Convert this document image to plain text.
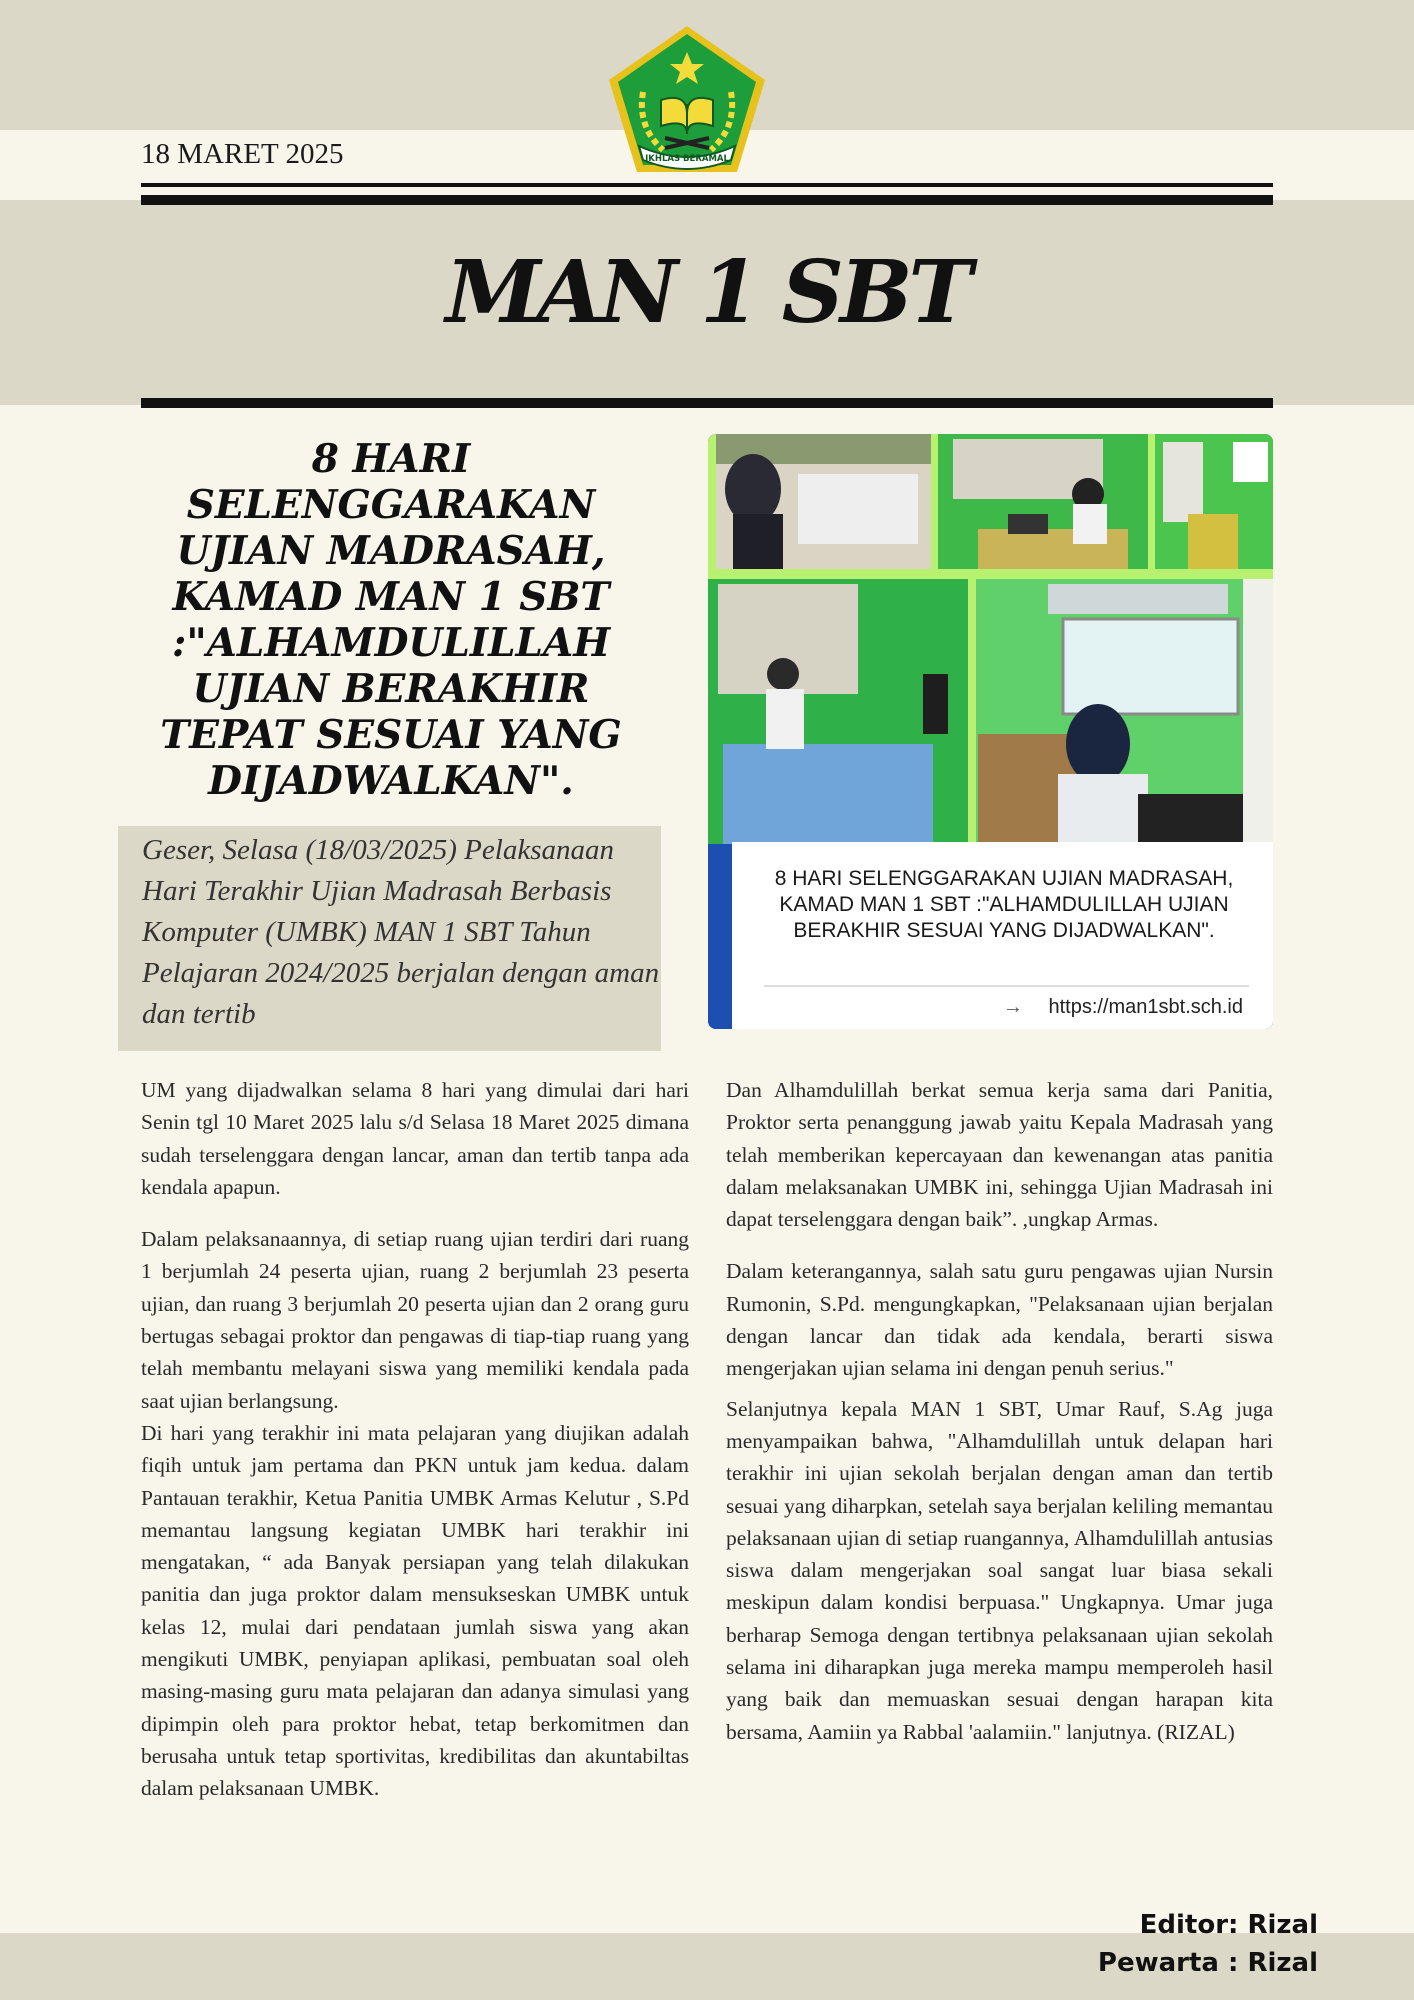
IKHLAS BERAMAL
18 MARET 2025
MAN 1 SBT
8 HARI SELENGGARAKAN UJIAN MADRASAH, KAMAD MAN 1 SBT :"ALHAMDULILLAH UJIAN BERAKHIR TEPAT SESUAI YANG DIJADWALKAN".
Geser, Selasa (18/03/2025) Pelaksanaan Hari Terakhir Ujian Madrasah Berbasis Komputer (UMBK) MAN 1 SBT Tahun Pelajaran 2024/2025 berjalan dengan aman dan tertib
8 HARI SELENGGARAKAN UJIAN MADRASAH, KAMAD MAN 1 SBT :"ALHAMDULILLAH UJIAN BERAKHIR SESUAI YANG DIJADWALKAN".
→ https://man1sbt.sch.id

UM yang dijadwalkan selama 8 hari yang dimulai dari hari Senin tgl 10 Maret 2025 lalu s/d Selasa 18 Maret 2025 dimana sudah terselenggara dengan lancar, aman dan tertib tanpa ada kendala apapun.

Dalam pelaksanaannya, di setiap ruang ujian terdiri dari ruang 1 berjumlah 24 peserta ujian, ruang 2 berjumlah 23 peserta ujian, dan ruang 3 berjumlah 20 peserta ujian dan 2 orang guru bertugas sebagai proktor dan pengawas di tiap-tiap ruang yang telah membantu melayani siswa yang memiliki kendala pada saat ujian berlangsung.

Di hari yang terakhir ini mata pelajaran yang diujikan adalah fiqih untuk jam pertama dan PKN untuk jam kedua. dalam Pantauan terakhir, Ketua Panitia UMBK Armas Kelutur , S.Pd memantau langsung kegiatan UMBK hari terakhir ini mengatakan, “ ada Banyak persiapan yang telah dilakukan panitia dan juga proktor dalam mensukseskan UMBK untuk kelas 12, mulai dari pendataan jumlah siswa yang akan mengikuti UMBK, penyiapan aplikasi, pembuatan soal oleh masing-masing guru mata pelajaran dan adanya simulasi yang dipimpin oleh para proktor hebat, tetap berkomitmen dan berusaha untuk tetap sportivitas, kredibilitas dan akuntabiltas dalam pelaksanaan UMBK.

Dan Alhamdulillah berkat semua kerja sama dari Panitia, Proktor serta penanggung jawab yaitu Kepala Madrasah yang telah memberikan kepercayaan dan kewenangan atas panitia dalam melaksanakan UMBK ini, sehingga Ujian Madrasah ini dapat terselenggara dengan baik”. ,ungkap Armas.

Dalam keterangannya, salah satu guru pengawas ujian Nursin Rumonin, S.Pd. mengungkapkan, "Pelaksanaan ujian berjalan dengan lancar dan tidak ada kendala, berarti siswa mengerjakan ujian selama ini dengan penuh serius."

Selanjutnya kepala MAN 1 SBT, Umar Rauf, S.Ag juga menyampaikan bahwa, "Alhamdulillah untuk delapan hari terakhir ini ujian sekolah berjalan dengan aman dan tertib sesuai yang diharpkan, setelah saya berjalan keliling memantau pelaksanaan ujian di setiap ruangannya, Alhamdulillah antusias siswa dalam mengerjakan soal sangat luar biasa sekali meskipun dalam kondisi berpuasa." Ungkapnya. Umar juga berharap Semoga dengan tertibnya pelaksanaan ujian sekolah selama ini diharapkan juga mereka mampu memperoleh hasil yang baik dan memuaskan sesuai dengan harapan kita bersama, Aamiin ya Rabbal 'aalamiin." lanjutnya. (RIZAL)

Editor: Rizal
Pewarta : Rizal
